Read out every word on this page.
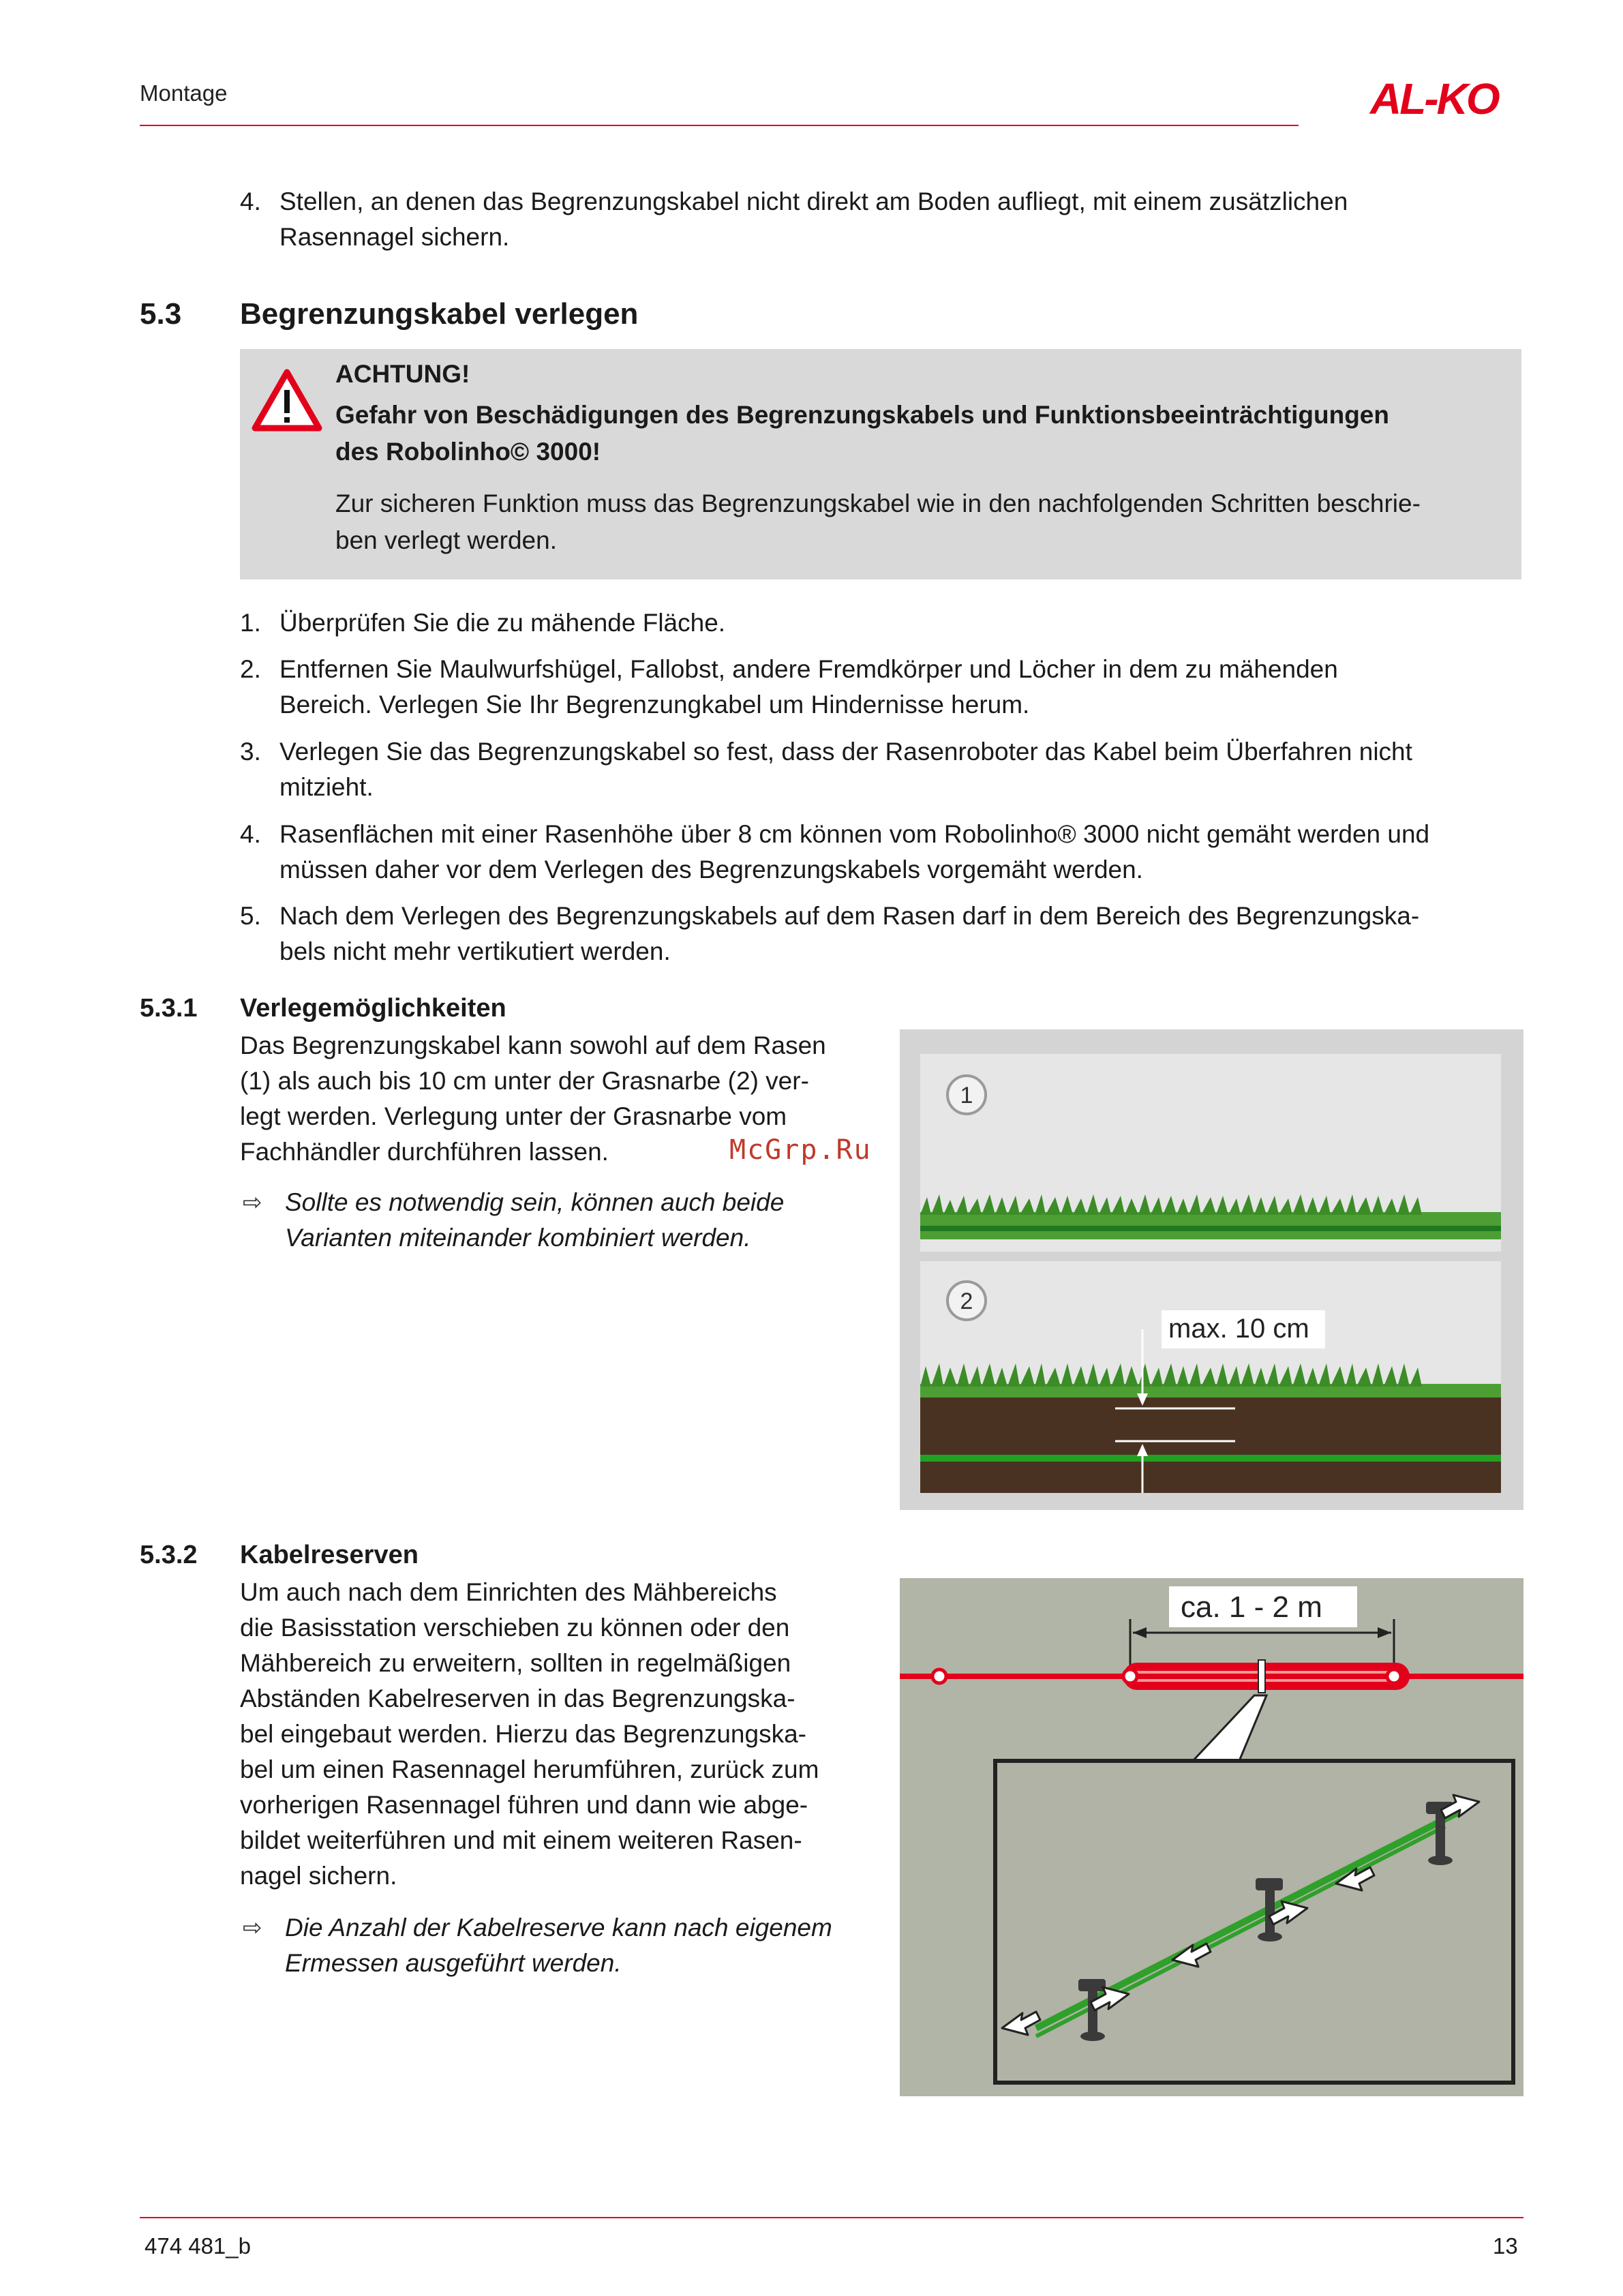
Montage	AL-KO
4. Stellen, an denen das Begrenzungskabel nicht direkt am Boden aufliegt, mit einem zusätzlichen
Rasennagel sichern.
5.3 Begrenzungskabel verlegen
ACHTUNG!
Gefahr von Beschädigungen des Begrenzungskabels und Funktionsbeeinträchtigungen
des Robolinho© 3000!
Zur sicheren Funktion muss das Begrenzungskabel wie in den nachfolgenden Schritten beschrie-
ben verlegt werden.
1. Überprüfen Sie die zu mähende Fläche.
2. Entfernen Sie Maulwurfshügel, Fallobst, andere Fremdkörper und Löcher in dem zu mähenden
Bereich. Verlegen Sie Ihr Begrenzungkabel um Hindernisse herum.
3. Verlegen Sie das Begrenzungskabel so fest, dass der Rasenroboter das Kabel beim Überfahren nicht
mitzieht.
4. Rasenflächen mit einer Rasenhöhe über 8 cm können vom Robolinho® 3000 nicht gemäht werden und
müssen daher vor dem Verlegen des Begrenzungskabels vorgemäht werden.
5. Nach dem Verlegen des Begrenzungskabels auf dem Rasen darf in dem Bereich des Begrenzungska-
bels nicht mehr vertikutiert werden.
5.3.1 Verlegemöglichkeiten
Das Begrenzungskabel kann sowohl auf dem Rasen
(1) als auch bis 10 cm unter der Grasnarbe (2) ver-
legt werden. Verlegung unter der Grasnarbe vom
Fachhändler durchführen lassen.	McGrp.Ru
⇨ Sollte es notwendig sein, können auch beide
Varianten miteinander kombiniert werden.
1
2
max. 10 cm
5.3.2 Kabelreserven
Um auch nach dem Einrichten des Mähbereichs
die Basisstation verschieben zu können oder den
Mähbereich zu erweitern, sollten in regelmäßigen
Abständen Kabelreserven in das Begrenzungska-
bel eingebaut werden. Hierzu das Begrenzungska-
bel um einen Rasennagel herumführen, zurück zum
vorherigen Rasennagel führen und dann wie abge-
bildet weiterführen und mit einem weiteren Rasen-
nagel sichern.
⇨ Die Anzahl der Kabelreserve kann nach eigenem
Ermessen ausgeführt werden.
ca. 1 - 2 m
474 481_b	13
